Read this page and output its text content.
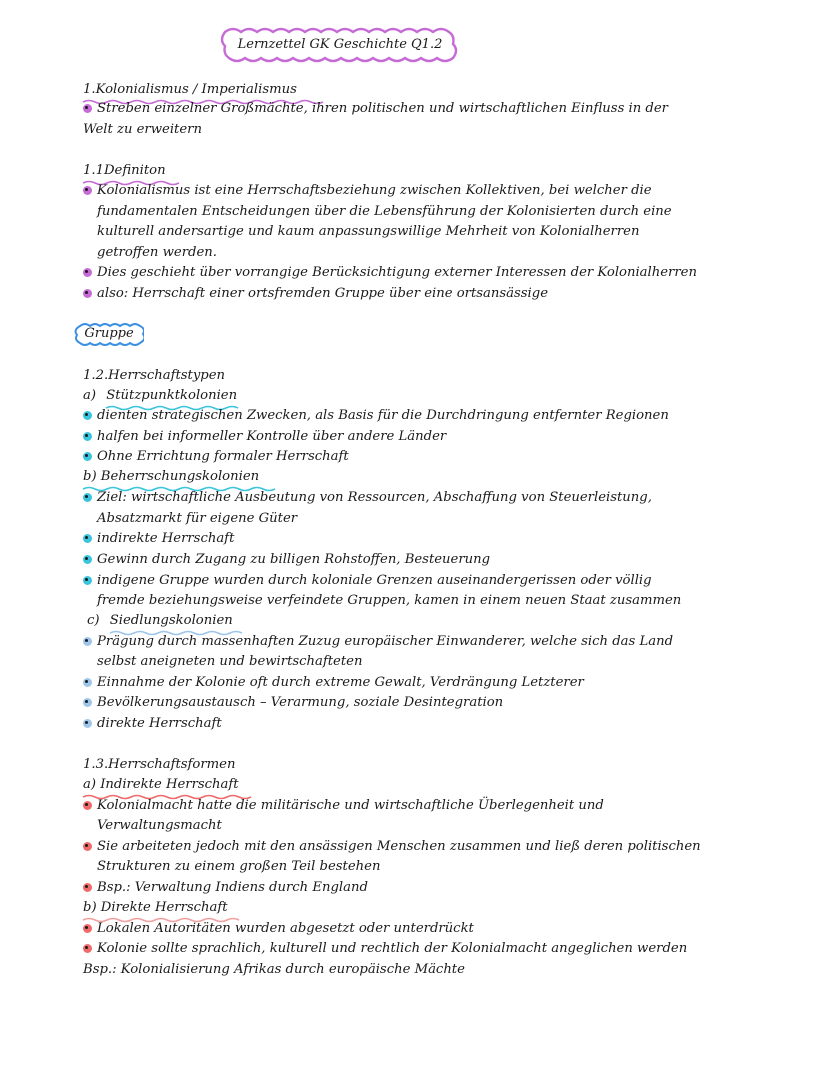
Lernzettel GK Geschichte Q1.2
1.Kolonialismus / Imperialismus
Streben einzelner Großmächte, ihren politischen und wirtschaftlichen Einfluss in der
Welt zu erweitern
1.1Definiton
Kolonialismus ist eine Herrschaftsbeziehung zwischen Kollektiven, bei welcher die
fundamentalen Entscheidungen über die Lebensführung der Kolonisierten durch eine
kulturell andersartige und kaum anpassungswillige Mehrheit von Kolonialherren
getroffen werden.
Dies geschieht über vorrangige Berücksichtigung externer Interessen der Kolonialherren
also: Herrschaft einer ortsfremden Gruppe über eine ortsansässige
Gruppe
1.2.Herrschaftstypen
a) Stützpunktkolonien
dienten strategischen Zwecken, als Basis für die Durchdringung entfernter Regionen
halfen bei informeller Kontrolle über andere Länder
Ohne Errichtung formaler Herrschaft
b) Beherrschungskolonien
Ziel: wirtschaftliche Ausbeutung von Ressourcen, Abschaffung von Steuerleistung,
Absatzmarkt für eigene Güter
indirekte Herrschaft
Gewinn durch Zugang zu billigen Rohstoffen, Besteuerung
indigene Gruppe wurden durch koloniale Grenzen auseinandergerissen oder völlig
fremde beziehungsweise verfeindete Gruppen, kamen in einem neuen Staat zusammen
c) Siedlungskolonien
Prägung durch massenhaften Zuzug europäischer Einwanderer, welche sich das Land
selbst aneigneten und bewirtschafteten
Einnahme der Kolonie oft durch extreme Gewalt, Verdrängung Letzterer
Bevölkerungsaustausch – Verarmung, soziale Desintegration
direkte Herrschaft
1.3.Herrschaftsformen
a) Indirekte Herrschaft
Kolonialmacht hatte die militärische und wirtschaftliche Überlegenheit und
Verwaltungsmacht
Sie arbeiteten jedoch mit den ansässigen Menschen zusammen und ließ deren politischen
Strukturen zu einem großen Teil bestehen
Bsp.: Verwaltung Indiens durch England
b) Direkte Herrschaft
Lokalen Autoritäten wurden abgesetzt oder unterdrückt
Kolonie sollte sprachlich, kulturell und rechtlich der Kolonialmacht angeglichen werden
Bsp.: Kolonialisierung Afrikas durch europäische Mächte
